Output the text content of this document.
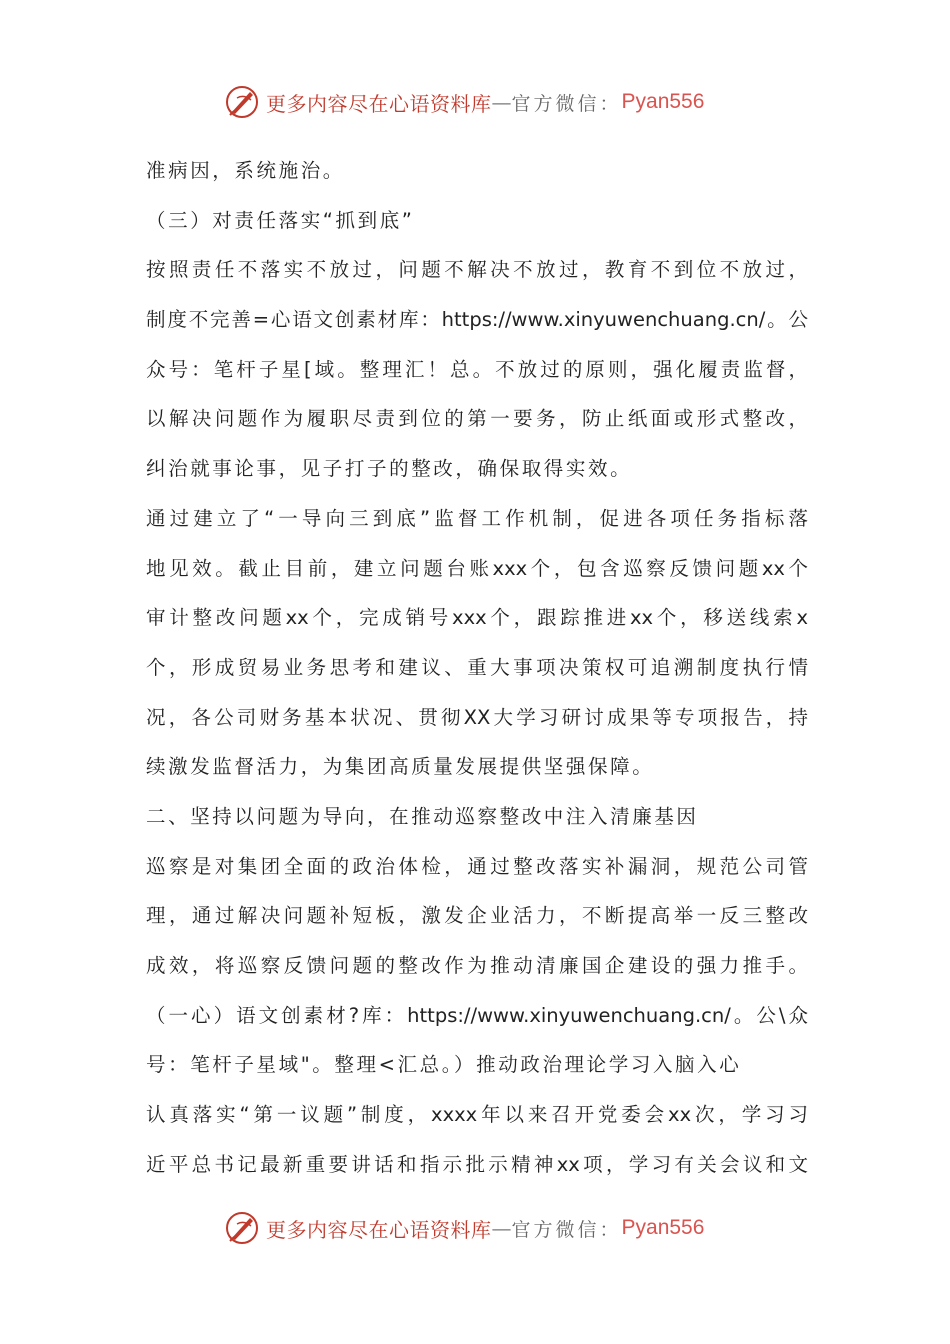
更多内容尽在心语资料库 — 官方微信： Pyan556
准病因，系统施治。
（三）对责任落实“抓到底”
按照责任不落实不放过，问题不解决不放过，教育不到位不放过，
制度不完善=心语文创素材库：https://www.xinyuwenchuang.cn/。公
众号：笔杆子星[域。整理汇！总。不放过的原则，强化履责监督，
以解决问题作为履职尽责到位的第一要务，防止纸面或形式整改，
纠治就事论事，见子打子的整改，确保取得实效。
通过建立了“一导向三到底”监督工作机制，促进各项任务指标落
地见效。截止目前，建立问题台账xxx个，包含巡察反馈问题xx个
审计整改问题xx个，完成销号xxx个，跟踪推进xx个，移送线索x
个，形成贸易业务思考和建议、重大事项决策权可追溯制度执行情
况，各公司财务基本状况、贯彻XX大学习研讨成果等专项报告，持
续激发监督活力，为集团高质量发展提供坚强保障。
二、坚持以问题为导向，在推动巡察整改中注入清廉基因
巡察是对集团全面的政治体检，通过整改落实补漏洞，规范公司管
理，通过解决问题补短板，激发企业活力，不断提高举一反三整改
成效，将巡察反馈问题的整改作为推动清廉国企建设的强力推手。
（一心）语文创素材?库：https://www.xinyuwenchuang.cn/。公\众
号：笔杆子星域"。整理<汇总。）推动政治理论学习入脑入心
认真落实“第一议题”制度，xxxx年以来召开党委会xx次，学习习
近平总书记最新重要讲话和指示批示精神xx项，学习有关会议和文
更多内容尽在心语资料库 — 官方微信： Pyan556
